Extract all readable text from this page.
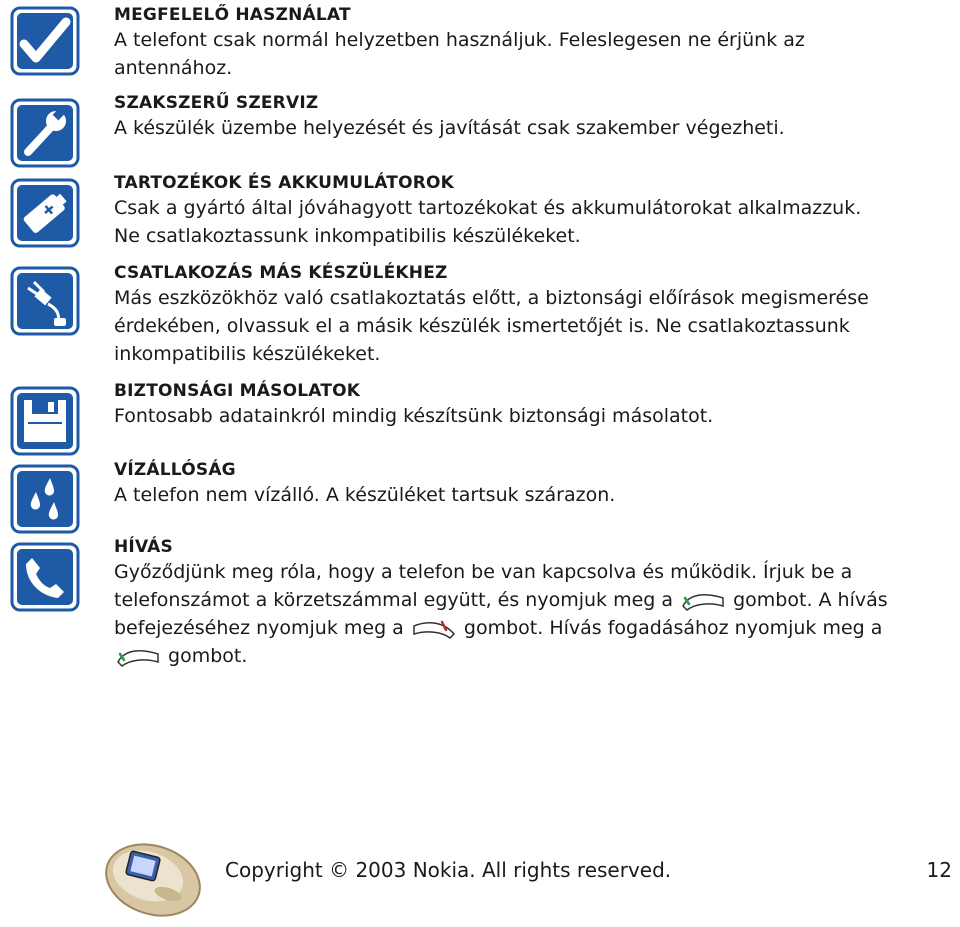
MEGFELELŐ HASZNÁLAT

A telefont csak normál helyzetben használjuk. Feleslegesen ne érjünk az

antennához.

SZAKSZERŰ SZERVIZ

A készülék üzembe helyezését és javítását csak szakember végezheti.

TARTOZÉKOK ÉS AKKUMULÁTOROK

Csak a gyártó által jóváhagyott tartozékokat és akkumulátorokat alkalmazzuk.

Ne csatlakoztassunk inkompatibilis készülékeket.

CSATLAKOZÁS MÁS KÉSZÜLÉKHEZ

Más eszközökhöz való csatlakoztatás előtt, a biztonsági előírások megismerése

érdekében, olvassuk el a másik készülék ismertetőjét is. Ne csatlakoztassunk

inkompatibilis készülékeket.

BIZTONSÁGI MÁSOLATOK

Fontosabb adatainkról mindig készítsünk biztonsági másolatot.

VÍZÁLLÓSÁG

A telefon nem vízálló. A készüléket tartsuk szárazon.

HÍVÁS

Győződjünk meg róla, hogy a telefon be van kapcsolva és működik. Írjuk be a

telefonszámot a körzetszámmal együtt, és nyomjuk meg a	gombot. A hívás

befejezéséhez nyomjuk meg a	gombot. Hívás fogadásához nyomjuk meg a

gombot.

Copyright © 2003 Nokia. All rights reserved.	12
